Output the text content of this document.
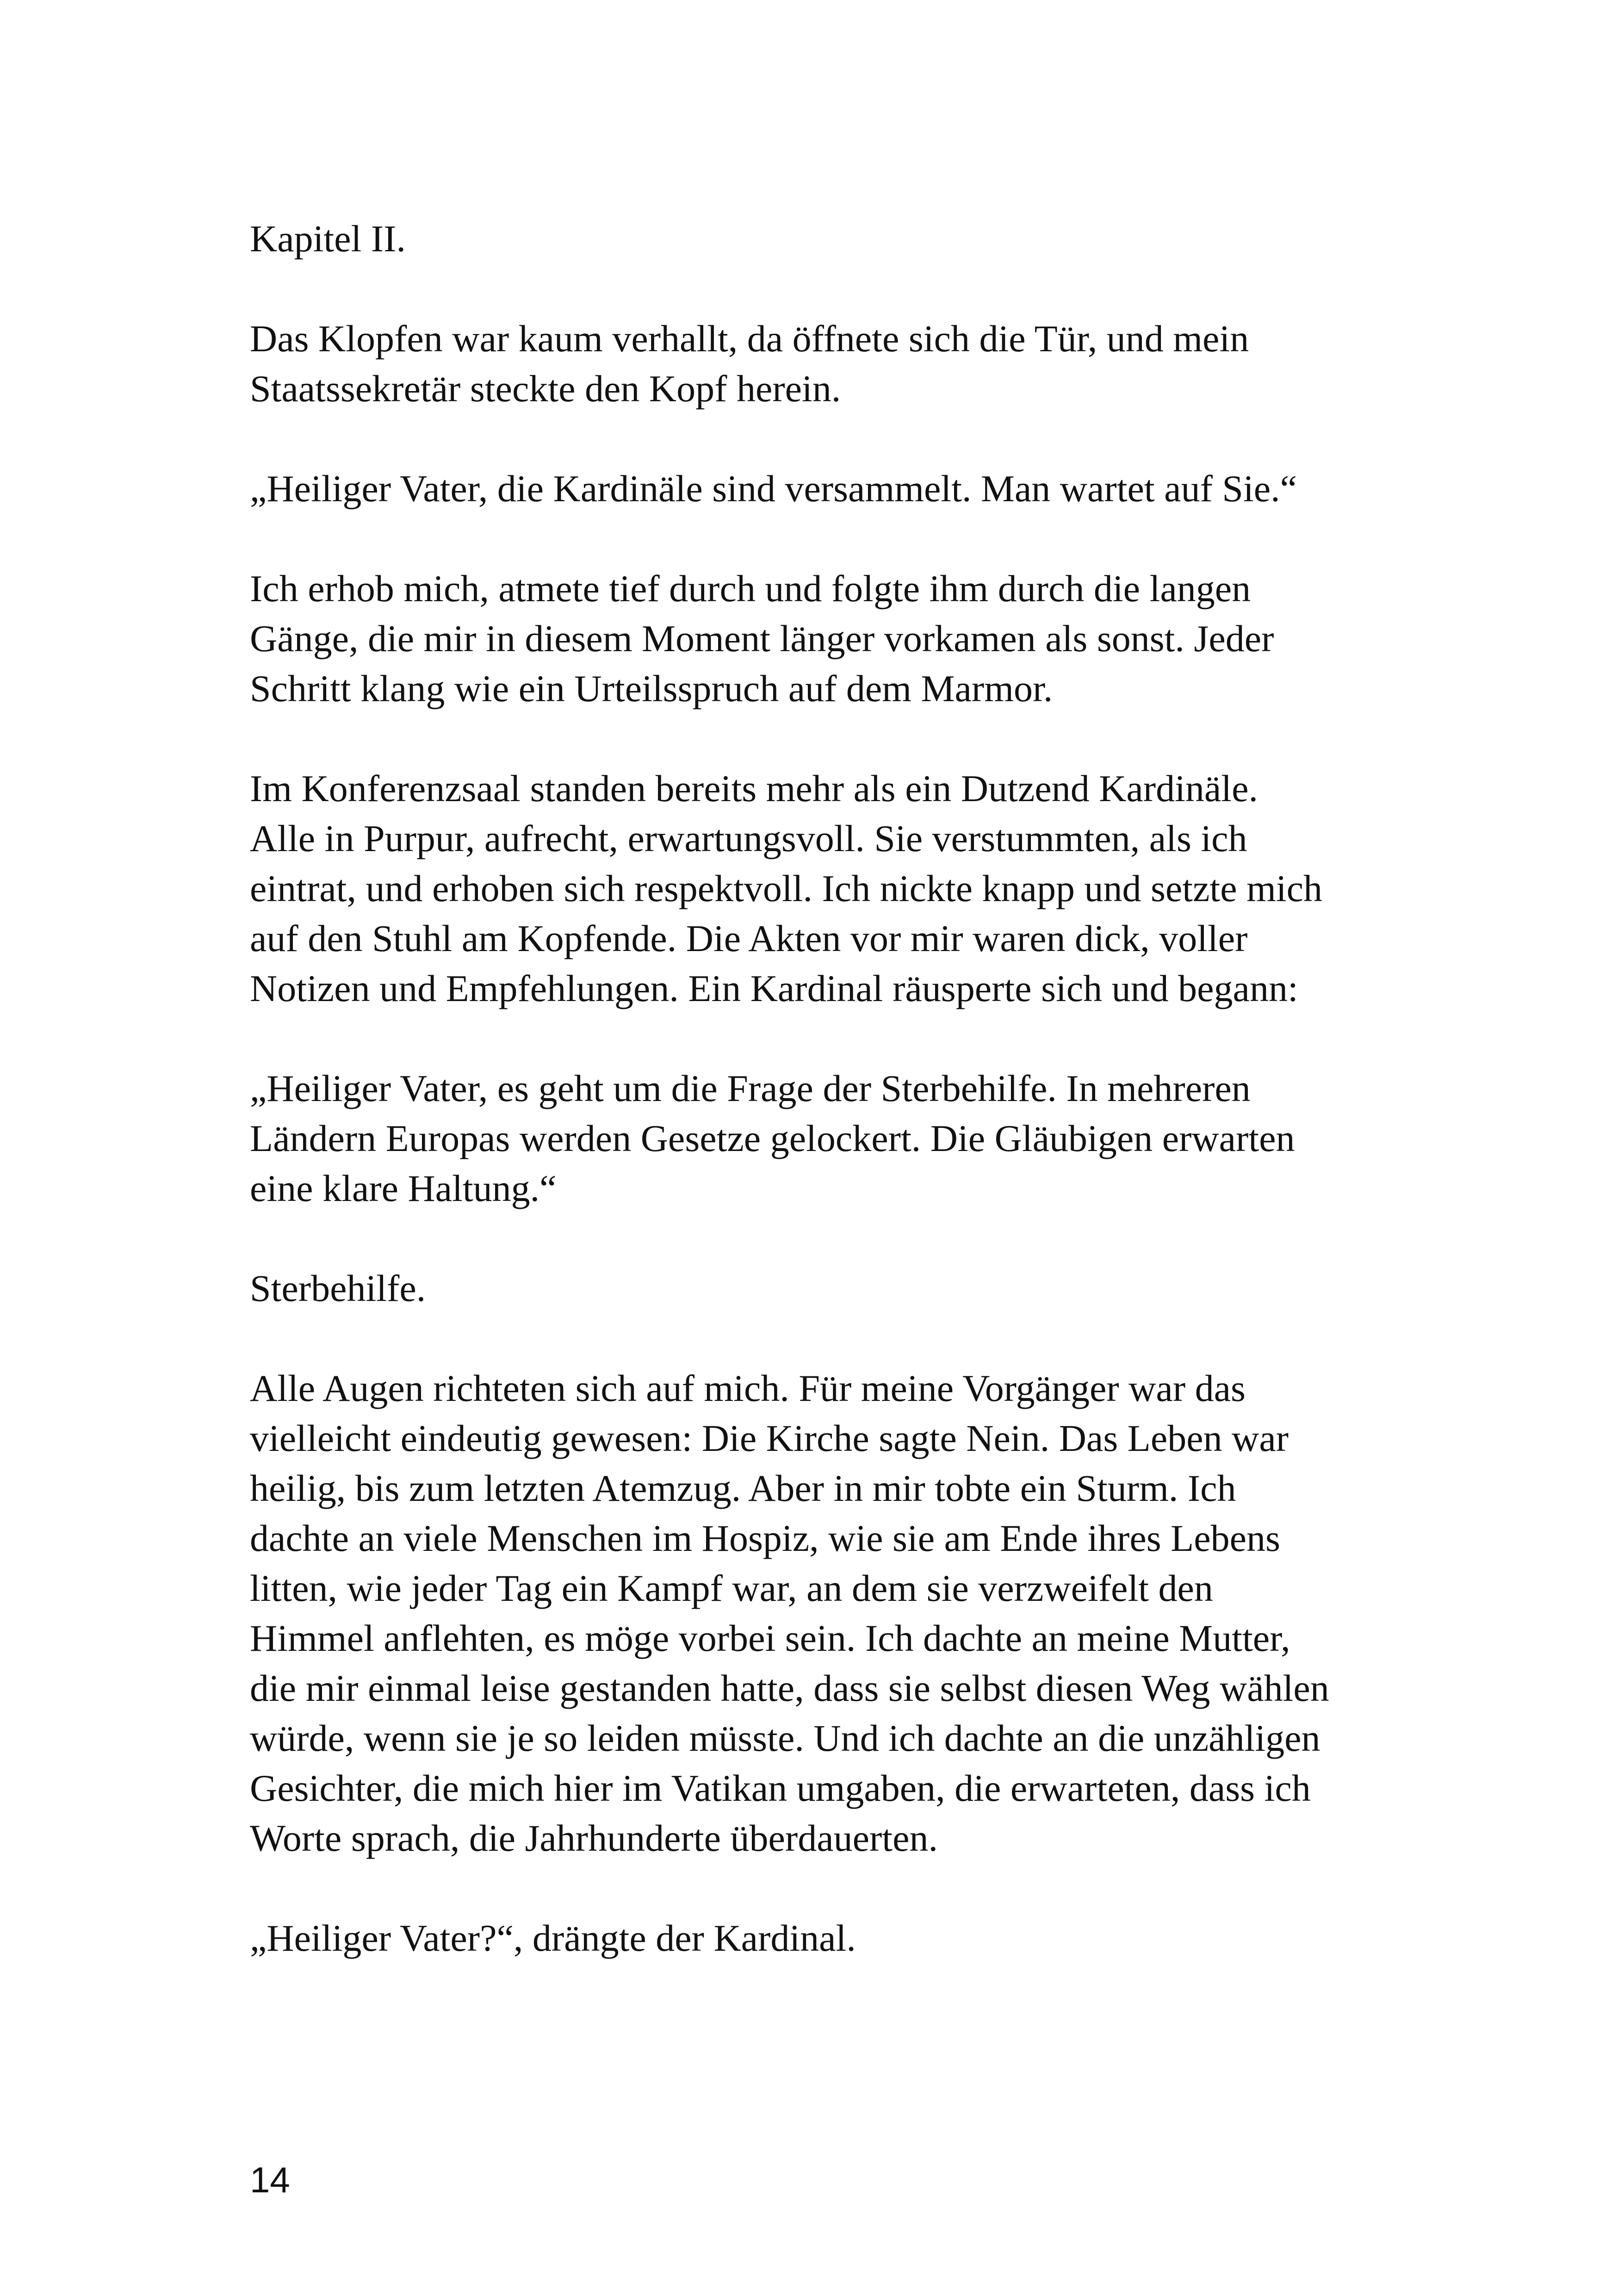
Kapitel II.

Das Klopfen war kaum verhallt, da öffnete sich die Tür, und mein
Staatssekretär steckte den Kopf herein.

„Heiliger Vater, die Kardinäle sind versammelt. Man wartet auf Sie.“

Ich erhob mich, atmete tief durch und folgte ihm durch die langen
Gänge, die mir in diesem Moment länger vorkamen als sonst. Jeder
Schritt klang wie ein Urteilsspruch auf dem Marmor.

Im Konferenzsaal standen bereits mehr als ein Dutzend Kardinäle.
Alle in Purpur, aufrecht, erwartungsvoll. Sie verstummten, als ich
eintrat, und erhoben sich respektvoll. Ich nickte knapp und setzte mich
auf den Stuhl am Kopfende. Die Akten vor mir waren dick, voller
Notizen und Empfehlungen. Ein Kardinal räusperte sich und begann:

„Heiliger Vater, es geht um die Frage der Sterbehilfe. In mehreren
Ländern Europas werden Gesetze gelockert. Die Gläubigen erwarten
eine klare Haltung.“

Sterbehilfe.

Alle Augen richteten sich auf mich. Für meine Vorgänger war das
vielleicht eindeutig gewesen: Die Kirche sagte Nein. Das Leben war
heilig, bis zum letzten Atemzug. Aber in mir tobte ein Sturm. Ich
dachte an viele Menschen im Hospiz, wie sie am Ende ihres Lebens
litten, wie jeder Tag ein Kampf war, an dem sie verzweifelt den
Himmel anflehten, es möge vorbei sein. Ich dachte an meine Mutter,
die mir einmal leise gestanden hatte, dass sie selbst diesen Weg wählen
würde, wenn sie je so leiden müsste. Und ich dachte an die unzähligen
Gesichter, die mich hier im Vatikan umgaben, die erwarteten, dass ich
Worte sprach, die Jahrhunderte überdauerten.

„Heiliger Vater?“, drängte der Kardinal.

14
